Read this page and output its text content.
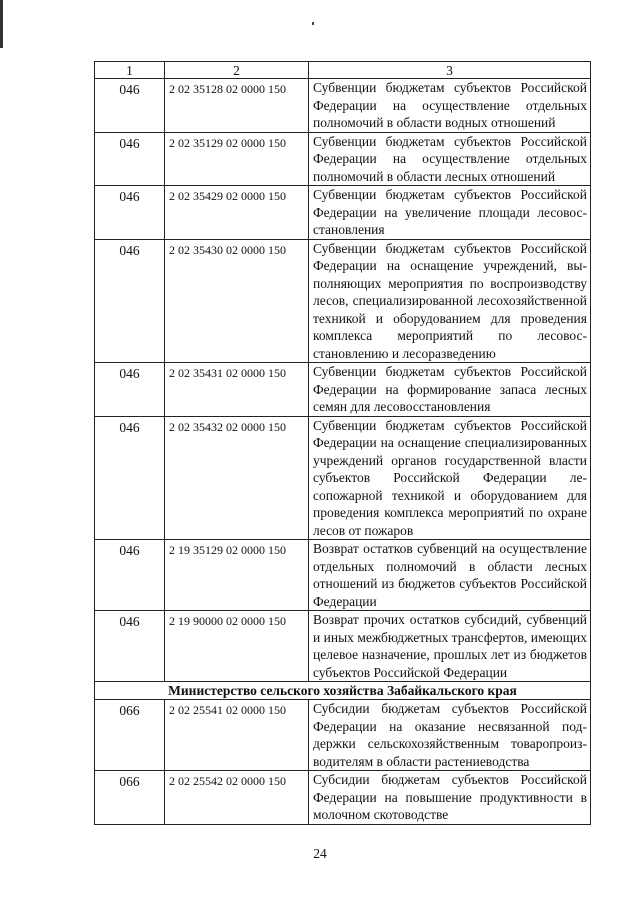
1	2	3
046	2 02 35128 02 0000 150	Субвенции бюджетам субъектов Российской Федерации на осуществление отдельных полномочий в области водных отношений
046	2 02 35129 02 0000 150	Субвенции бюджетам субъектов Российской Федерации на осуществление отдельных полномочий в области лесных отношений
046	2 02 35429 02 0000 150	Субвенции бюджетам субъектов Российской Федерации на увеличение площади лесовосстановления
046	2 02 35430 02 0000 150	Субвенции бюджетам субъектов Российской Федерации на оснащение учреждений, выполняющих мероприятия по воспроизводству лесов, специализированной лесохозяйственной техникой и оборудованием для проведения комплекса мероприятий по лесовосстановлению и лесоразведению
046	2 02 35431 02 0000 150	Субвенции бюджетам субъектов Российской Федерации на формирование запаса лесных семян для лесовосстановления
046	2 02 35432 02 0000 150	Субвенции бюджетам субъектов Российской Федерации на оснащение специализированных учреждений органов государственной власти субъектов Российской Федерации лесопожарной техникой и оборудованием для проведения комплекса мероприятий по охране лесов от пожаров
046	2 19 35129 02 0000 150	Возврат остатков субвенций на осуществление отдельных полномочий в области лесных отношений из бюджетов субъектов Российской Федерации
046	2 19 90000 02 0000 150	Возврат прочих остатков субсидий, субвенций и иных межбюджетных трансфертов, имеющих целевое назначение, прошлых лет из бюджетов субъектов Российской Федерации
Министерство сельского хозяйства Забайкальского края		
066	2 02 25541 02 0000 150	Субсидии бюджетам субъектов Российской Федерации на оказание несвязанной поддержки сельскохозяйственным товаропроизводителям в области растениеводства
066	2 02 25542 02 0000 150	Субсидии бюджетам субъектов Российской Федерации на повышение продуктивности в молочном скотоводстве
24
